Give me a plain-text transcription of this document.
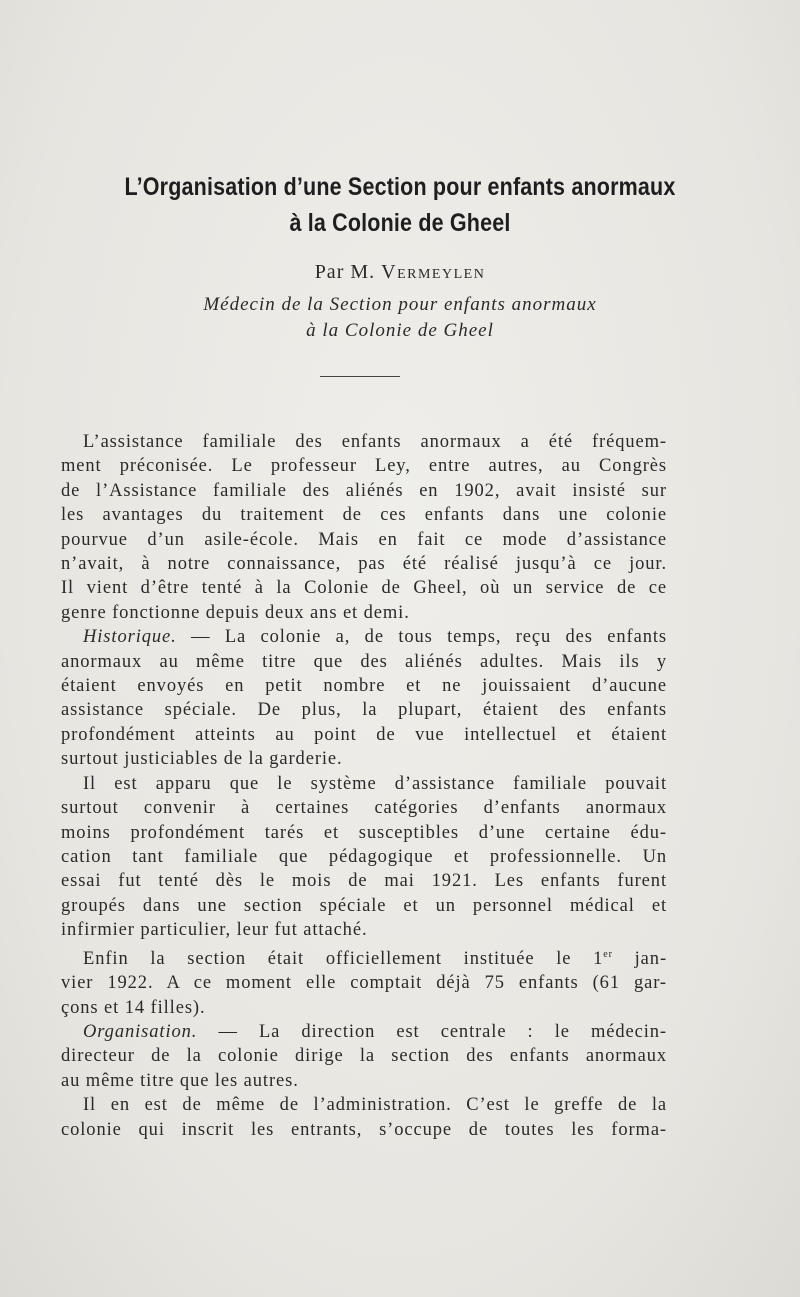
L’Organisation d’une Section pour enfants anormaux
à la Colonie de Gheel
Par M. Vermeylen
Médecin de la Section pour enfants anormaux
à la Colonie de Gheel
L’assistance familiale des enfants anormaux a été fréquem-
ment préconisée. Le professeur Ley, entre autres, au Congrès
de l’Assistance familiale des aliénés en 1902, avait insisté sur
les avantages du traitement de ces enfants dans une colonie
pourvue d’un asile-école. Mais en fait ce mode d’assistance
n’avait, à notre connaissance, pas été réalisé jusqu’à ce jour.
Il vient d’être tenté à la Colonie de Gheel, où un service de ce
genre fonctionne depuis deux ans et demi.
Historique. — La colonie a, de tous temps, reçu des enfants
anormaux au même titre que des aliénés adultes. Mais ils y
étaient envoyés en petit nombre et ne jouissaient d’aucune
assistance spéciale. De plus, la plupart, étaient des enfants
profondément atteints au point de vue intellectuel et étaient
surtout justiciables de la garderie.
Il est apparu que le système d’assistance familiale pouvait
surtout convenir à certaines catégories d’enfants anormaux
moins profondément tarés et susceptibles d’une certaine édu-
cation tant familiale que pédagogique et professionnelle. Un
essai fut tenté dès le mois de mai 1921. Les enfants furent
groupés dans une section spéciale et un personnel médical et
infirmier particulier, leur fut attaché.
Enfin la section était officiellement instituée le 1er jan-
vier 1922. A ce moment elle comptait déjà 75 enfants (61 gar-
çons et 14 filles).
Organisation. — La direction est centrale : le médecin-
directeur de la colonie dirige la section des enfants anormaux
au même titre que les autres.
Il en est de même de l’administration. C’est le greffe de la
colonie qui inscrit les entrants, s’occupe de toutes les forma-
